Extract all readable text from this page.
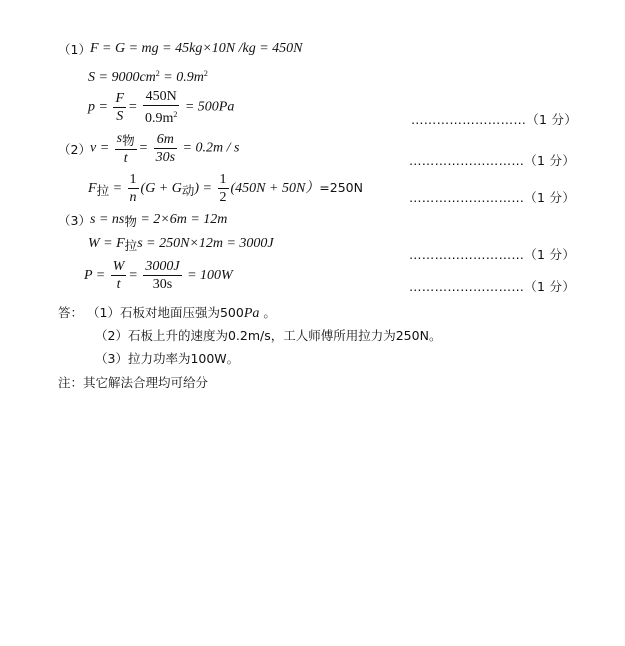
（1） F = G = mg = 45kg×10N /kg = 450N
$S = 9000cm^2 = 0.9m^2$
$p = \frac{F}{S} = \frac{450N}{0.9m^2} = 500Pa$
………………………（1 分）
（2） $v = \frac{\text{s物}}{t} = \frac{6m}{30s} = 0.2m / s$
………………………（1 分）
F拉 = $\frac{1}{n} (G + G$动) = $\frac{1}{2} (450N + 50N)=250N$
………………………（1 分）
（3） s = ns物 = 2×6m = 12m
W = F拉s = 250N×12m = 3000J
………………………（1 分）
$P = \frac{W}{t} = \frac{3000J}{30s} = 100W$
………………………（1 分）
答： （1）石板对地面压强为500Pa 。
（2）石板上升的速度为0.2m/s，工人师傅所用拉力为250N。
（3）拉力功率为100W。
注：其它解法合理均可给分
